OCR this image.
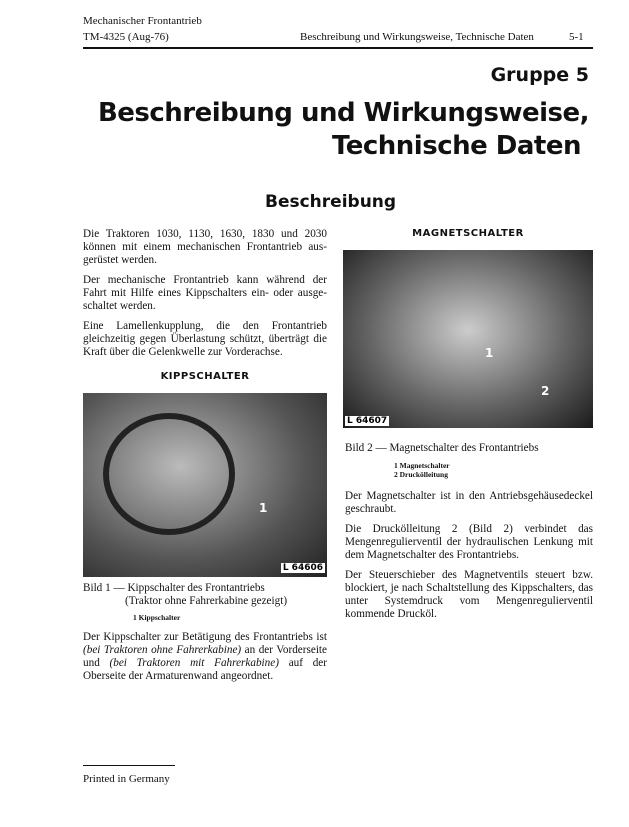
Mechanischer Frontantrieb
TM-4325 (Aug-76)	Beschreibung und Wirkungsweise, Technische Daten	5-1
Gruppe 5
Beschreibung und Wirkungsweise,
Technische Daten
Beschreibung

Die Traktoren 1030, 1130, 1630, 1830 und 2030 können mit einem mechanischen Frontantrieb ausgerüstet werden.

Der mechanische Frontantrieb kann während der Fahrt mit Hilfe eines Kippschalters ein- oder ausgeschaltet werden.

Eine Lamellenkupplung, die den Frontantrieb gleichzeitig gegen Überlastung schützt, überträgt die Kraft über die Gelenkwelle zur Vorderachse.

KIPPSCHALTER
1
L 64606
Bild 1 — Kippschalter des Frontantriebs
(Traktor ohne Fahrerkabine gezeigt)
1 Kippschalter

Der Kippschalter zur Betätigung des Frontantriebs ist (bei Traktoren ohne Fahrerkabine) an der Vorderseite und (bei Traktoren mit Fahrerkabine) auf der Oberseite der Armaturenwand angeordnet.

MAGNETSCHALTER
1
2
L 64607
Bild 2 — Magnetschalter des Frontantriebs
1 Magnetschalter
2 Druckölleitung

Der Magnetschalter ist in den Antriebsgehäusedeckel geschraubt.

Die Druckölleitung 2 (Bild 2) verbindet das Mengenregulierventil der hydraulischen Lenkung mit dem Magnetschalter des Frontantriebs.

Der Steuerschieber des Magnetventils steuert bzw. blockiert, je nach Schaltstellung des Kippschalters, das unter Systemdruck vom Mengenregulierventil kommende Drucköl.

Printed in Germany
